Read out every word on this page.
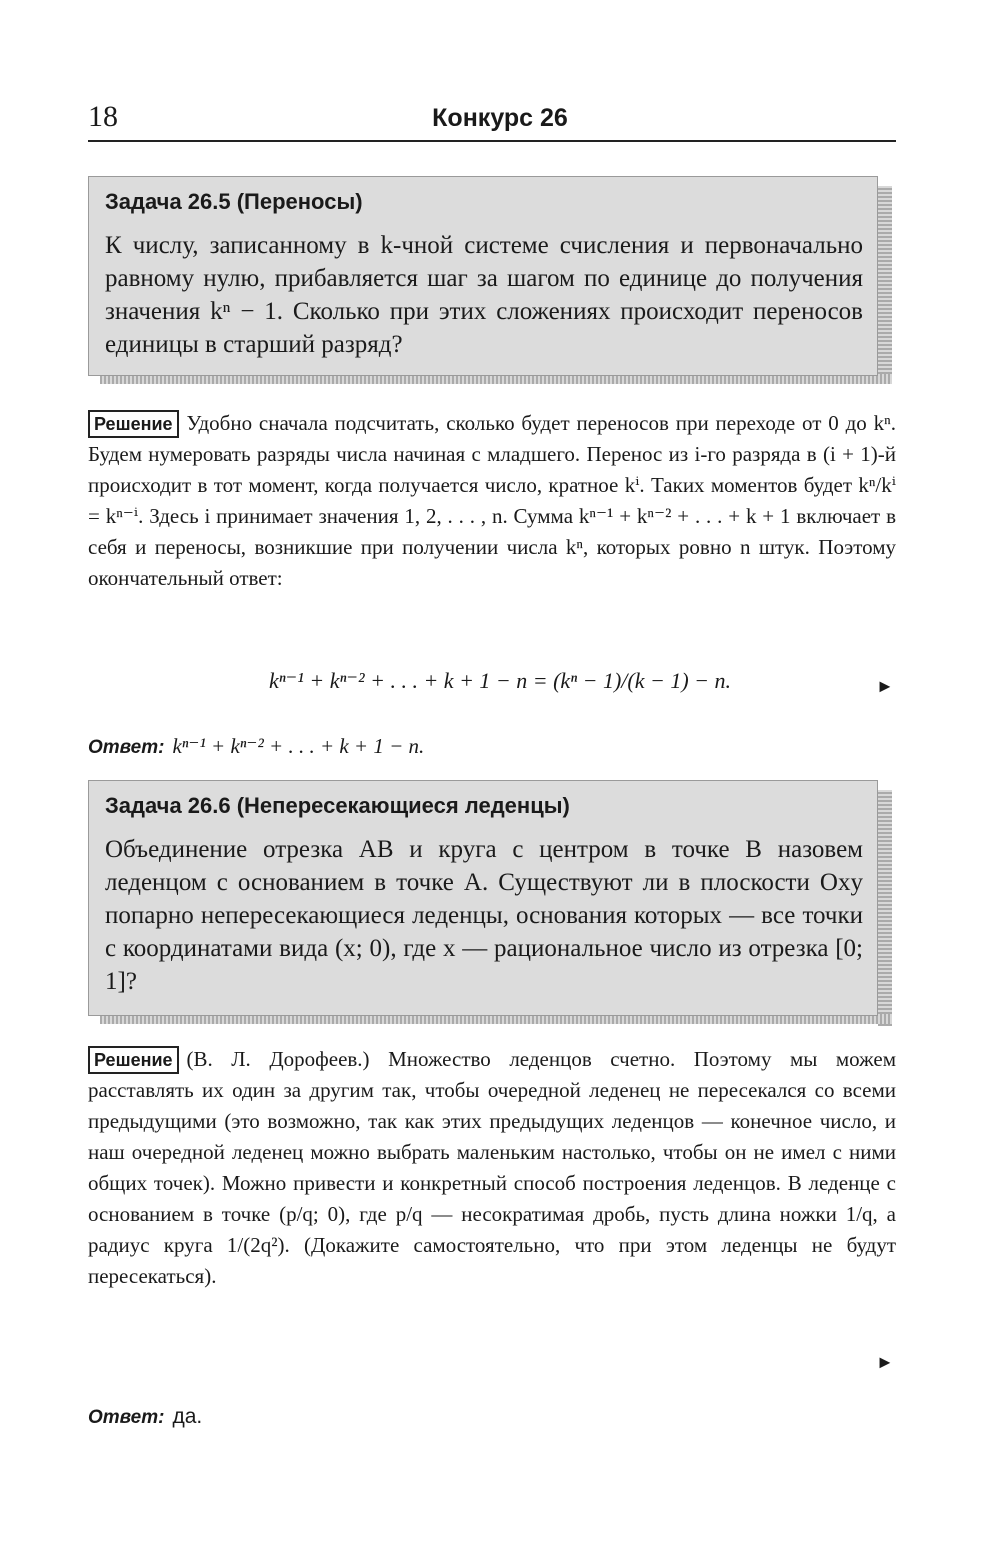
18	Конкурс 26
Задача 26.5 (Переносы)
К числу, записанному в k-чной системе счисления и первоначально равному нулю, прибавляется шаг за шагом по единице до получения значения kⁿ − 1. Сколько при этих сложениях происходит переносов единицы в старший разряд?
Решение Удобно сначала подсчитать, сколько будет переносов при переходе от 0 до kⁿ. Будем нумеровать разряды числа начиная с младшего. Перенос из i-го разряда в (i + 1)-й происходит в тот момент, когда получается число, кратное kⁱ. Таких моментов будет kⁿ/kⁱ = kⁿ⁻ⁱ. Здесь i принимает значения 1, 2, . . . , n. Сумма kⁿ⁻¹ + kⁿ⁻² + . . . + k + 1 включает в себя и переносы, возникшие при получении числа kⁿ, которых ровно n штук. Поэтому окончательный ответ:
kⁿ⁻¹ + kⁿ⁻² + . . . + k + 1 − n = (kⁿ − 1)/(k − 1) − n.	►
Ответ: kⁿ⁻¹ + kⁿ⁻² + . . . + k + 1 − n.
Задача 26.6 (Непересекающиеся леденцы)
Объединение отрезка AB и круга с центром в точке B назовем леденцом с основанием в точке A. Существуют ли в плоскости Oxy попарно непересекающиеся леденцы, основания которых — все точки с координатами вида (x; 0), где x — рациональное число из отрезка [0; 1]?
Решение (В. Л. Дорофеев.) Множество леденцов счетно. Поэтому мы можем расставлять их один за другим так, чтобы очередной леденец не пересекался со всеми предыдущими (это возможно, так как этих предыдущих леденцов — конечное число, и наш очередной леденец можно выбрать маленьким настолько, чтобы он не имел с ними общих точек). Можно привести и конкретный способ построения леденцов. В леденце с основанием в точке (p/q; 0), где p/q — несократимая дробь, пусть длина ножки 1/q, а радиус круга 1/(2q²). (Докажите самостоятельно, что при этом леденцы не будут пересекаться).
►
Ответ: да.
